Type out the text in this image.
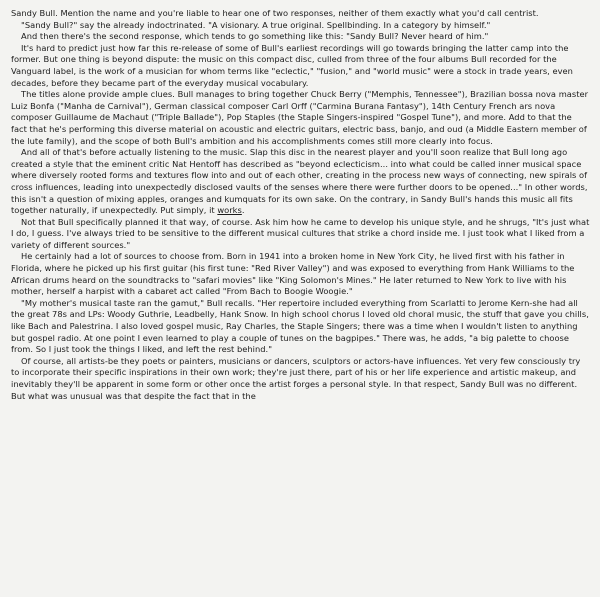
Sandy Bull. Mention the name and you're liable to hear one of two responses, neither of them exactly what you'd call centrist.

"Sandy Bull?" say the already indoctrinated. "A visionary. A true original. Spellbinding. In a category by himself."

And then there's the second response, which tends to go something like this: "Sandy Bull? Never heard of him."

It's hard to predict just how far this re-release of some of Bull's earliest recordings will go towards bringing the latter camp into the former. But one thing is beyond dispute: the music on this compact disc, culled from three of the four albums Bull recorded for the Vanguard label, is the work of a musician for whom terms like "eclectic," "fusion," and "world music" were a stock in trade years, even decades, before they became part of the everyday musical vocabulary.

The titles alone provide ample clues. Bull manages to bring together Chuck Berry ("Memphis, Tennessee"), Brazilian bossa nova master Luiz Bonfa ("Manha de Carnival"), German classical composer Carl Orff ("Carmina Burana Fantasy"), 14th Century French ars nova composer Guillaume de Machaut ("Triple Ballade"), Pop Staples (the Staple Singers-inspired "Gospel Tune"), and more. Add to that the fact that he's performing this diverse material on acoustic and electric guitars, electric bass, banjo, and oud (a Middle Eastern member of the lute family), and the scope of both Bull's ambition and his accomplishments comes still more clearly into focus.

And all of that's before actually listening to the music. Slap this disc in the nearest player and you'll soon realize that Bull long ago created a style that the eminent critic Nat Hentoff has described as "beyond eclecticism... into what could be called inner musical space where diversely rooted forms and textures flow into and out of each other, creating in the process new ways of connecting, new spirals of cross influences, leading into unexpectedly disclosed vaults of the senses where there were further doors to be opened..." In other words, this isn't a question of mixing apples, oranges and kumquats for its own sake. On the contrary, in Sandy Bull's hands this music all fits together naturally, if unexpectedly. Put simply, it works.

Not that Bull specifically planned it that way, of course. Ask him how he came to develop his unique style, and he shrugs, "It's just what I do, I guess. I've always tried to be sensitive to the different musical cultures that strike a chord inside me. I just took what I liked from a variety of different sources."

He certainly had a lot of sources to choose from. Born in 1941 into a broken home in New York City, he lived first with his father in Florida, where he picked up his first guitar (his first tune: "Red River Valley") and was exposed to everything from Hank Williams to the African drums heard on the soundtracks to "safari movies" like "King Solomon's Mines." He later returned to New York to live with his mother, herself a harpist with a cabaret act called "From Bach to Boogie Woogie."

"My mother's musical taste ran the gamut," Bull recalls. "Her repertoire included everything from Scarlatti to Jerome Kern-she had all the great 78s and LPs: Woody Guthrie, Leadbelly, Hank Snow. In high school chorus I loved old choral music, the stuff that gave you chills, like Bach and Palestrina. I also loved gospel music, Ray Charles, the Staple Singers; there was a time when I wouldn't listen to anything but gospel radio. At one point I even learned to play a couple of tunes on the bagpipes." There was, he adds, "a big palette to choose from. So I just took the things I liked, and left the rest behind."

Of course, all artists-be they poets or painters, musicians or dancers, sculptors or actors-have influences. Yet very few consciously try to incorporate their specific inspirations in their own work; they're just there, part of his or her life experience and artistic makeup, and inevitably they'll be apparent in some form or other once the artist forges a personal style. In that respect, Sandy Bull was no different. But what was unusual was that despite the fact that in the
